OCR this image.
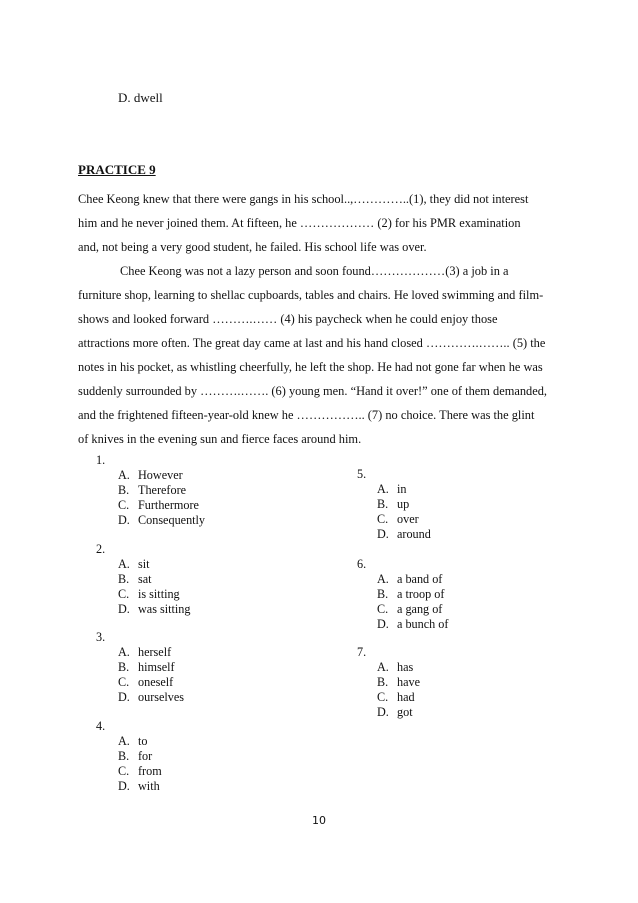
D. dwell
PRACTICE 9
Chee Keong knew that there were gangs in his school..,…………..(1), they did not interest
him and he never joined them. At fifteen, he ……………… (2) for his PMR examination
and, not being a very good student, he failed. His school life was over.
Chee Keong was not a lazy person and soon found………………(3) a job in a
furniture shop, learning to shellac cupboards, tables and chairs. He loved swimming and film-
shows and looked forward ……….…… (4) his paycheck when he could enjoy those
attractions more often. The great day came at last and his hand closed ………….…….. (5) the
notes in his pocket, as whistling cheerfully, he left the shop. He had not gone far when he was
suddenly surrounded by ……….……. (6) young men. “Hand it over!” one of them demanded,
and the frightened fifteen-year-old knew he …………….. (7) no choice. There was the glint
of knives in the evening sun and fierce faces around him.
1.
A. However
B. Therefore
C. Furthermore
D. Consequently
2.
A. sit
B. sat
C. is sitting
D. was sitting
3.
A. herself
B. himself
C. oneself
D. ourselves
4.
A. to
B. for
C. from
D. with
5.
A. in
B. up
C. over
D. around
6.
A. a band of
B. a troop of
C. a gang of
D. a bunch of
7.
A. has
B. have
C. had
D. got
10
